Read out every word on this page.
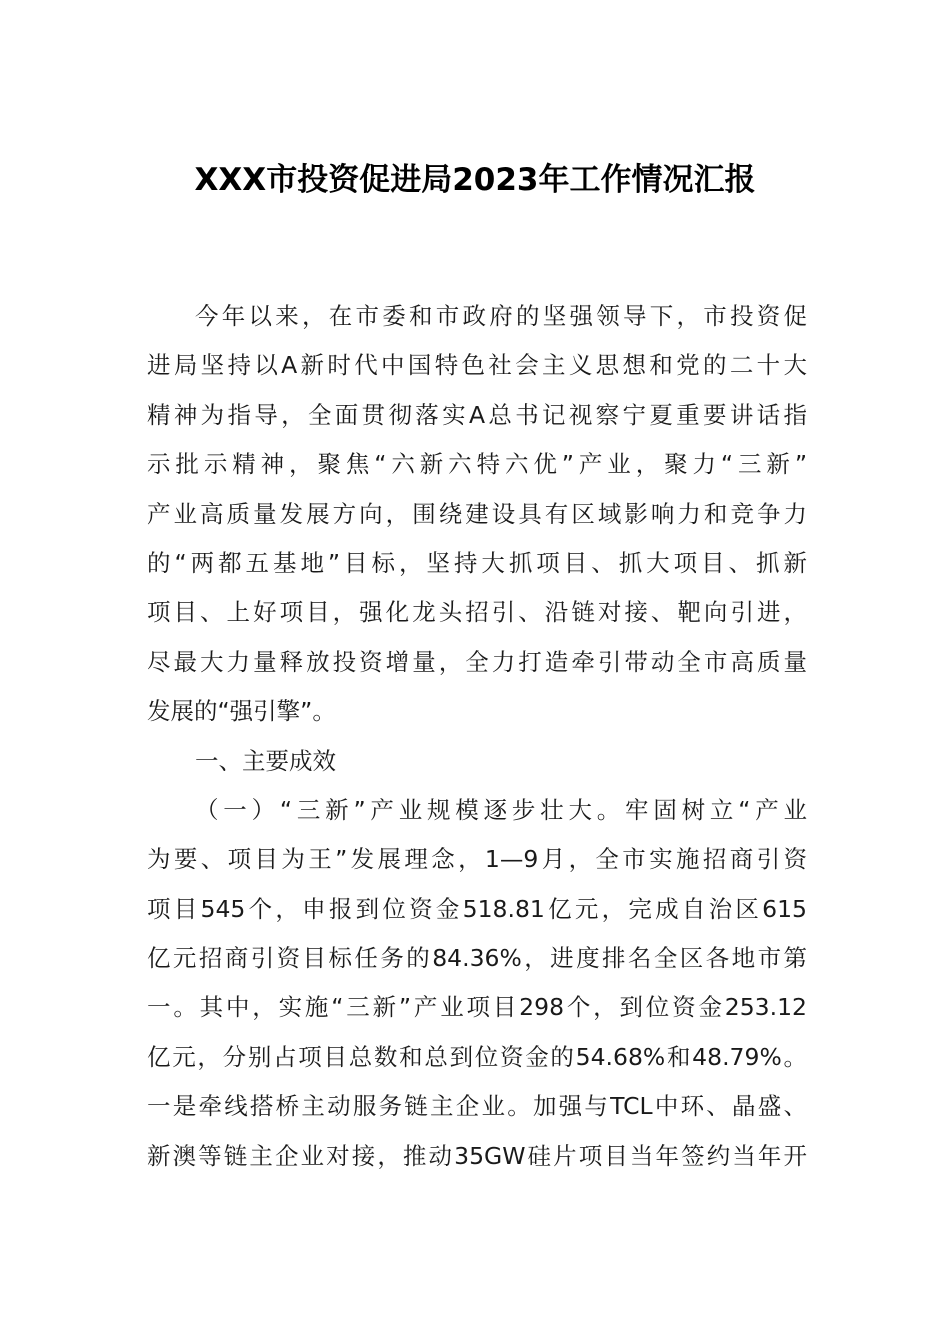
XXX市投资促进局2023年工作情况汇报
今年以来，在市委和市政府的坚强领导下，市投资促
进局坚持以A新时代中国特色社会主义思想和党的二十大
精神为指导，全面贯彻落实A总书记视察宁夏重要讲话指
示批示精神，聚焦“六新六特六优”产业，聚力“三新”
产业高质量发展方向，围绕建设具有区域影响力和竞争力
的“两都五基地”目标，坚持大抓项目、抓大项目、抓新
项目、上好项目，强化龙头招引、沿链对接、靶向引进，
尽最大力量释放投资增量，全力打造牵引带动全市高质量
发展的“强引擎”。
一、主要成效
（一）“三新”产业规模逐步壮大。牢固树立“产业
为要、项目为王”发展理念，1—9月，全市实施招商引资
项目545个，申报到位资金518.81亿元，完成自治区615
亿元招商引资目标任务的84.36%，进度排名全区各地市第
一。其中，实施“三新”产业项目298个，到位资金253.12
亿元，分别占项目总数和总到位资金的54.68%和48.79%。
一是牵线搭桥主动服务链主企业。加强与TCL中环、晶盛、
新澳等链主企业对接，推动35GW硅片项目当年签约当年开
